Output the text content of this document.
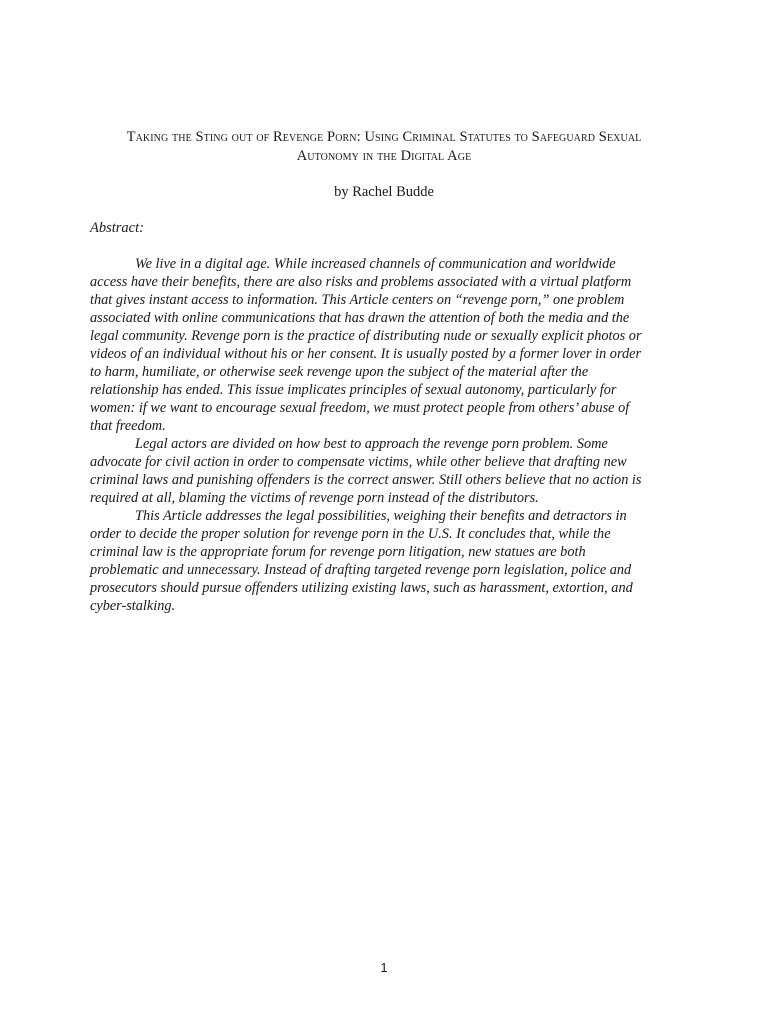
Taking the Sting out of Revenge Porn: Using Criminal Statutes to Safeguard Sexual
Autonomy in the Digital Age
by Rachel Budde
Abstract:
We live in a digital age. While increased channels of communication and worldwide
access have their benefits, there are also risks and problems associated with a virtual platform
that gives instant access to information. This Article centers on “revenge porn,” one problem
associated with online communications that has drawn the attention of both the media and the
legal community. Revenge porn is the practice of distributing nude or sexually explicit photos or
videos of an individual without his or her consent. It is usually posted by a former lover in order
to harm, humiliate, or otherwise seek revenge upon the subject of the material after the
relationship has ended. This issue implicates principles of sexual autonomy, particularly for
women: if we want to encourage sexual freedom, we must protect people from others’ abuse of
that freedom.
Legal actors are divided on how best to approach the revenge porn problem. Some
advocate for civil action in order to compensate victims, while other believe that drafting new
criminal laws and punishing offenders is the correct answer. Still others believe that no action is
required at all, blaming the victims of revenge porn instead of the distributors.
This Article addresses the legal possibilities, weighing their benefits and detractors in
order to decide the proper solution for revenge porn in the U.S. It concludes that, while the
criminal law is the appropriate forum for revenge porn litigation, new statues are both
problematic and unnecessary. Instead of drafting targeted revenge porn legislation, police and
prosecutors should pursue offenders utilizing existing laws, such as harassment, extortion, and
cyber-stalking.
1
